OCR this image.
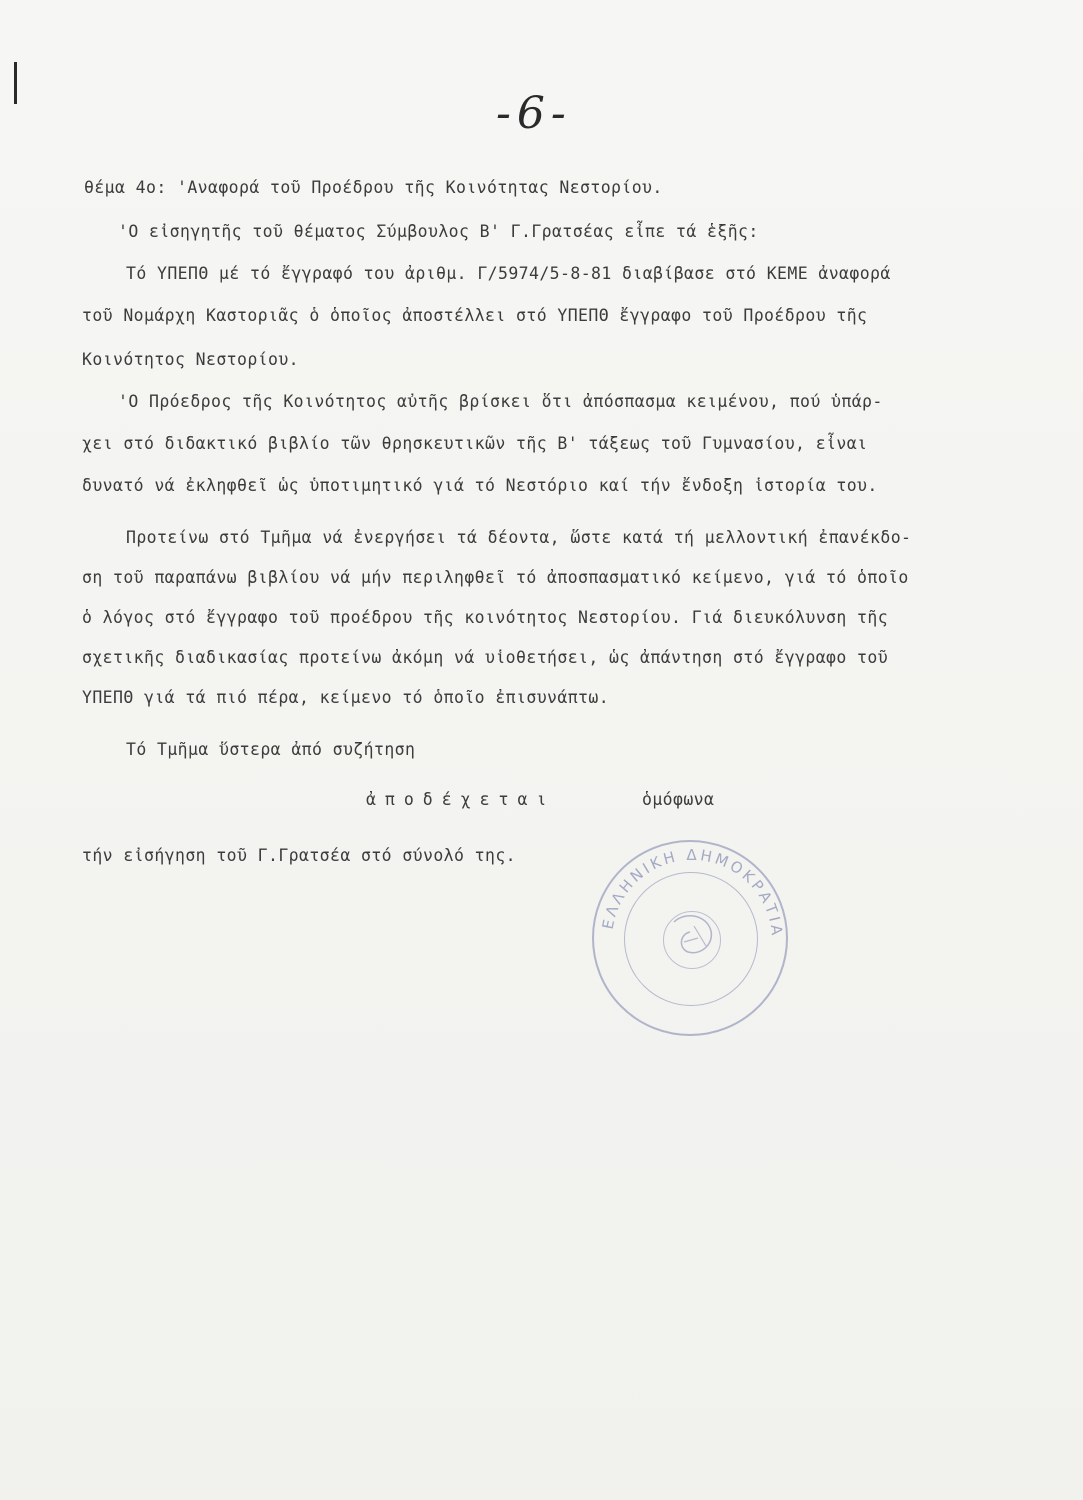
-6-
θέμα 4ο: 'Αναφορά τοῦ Προέδρου τῆς Κοινότητας Νεστορίου.
'Ο εἰσηγητῆς τοῦ θέματος Σύμβουλος Β' Γ.Γρατσέας εἶπε τά ἑξῆς:
Τό ΥΠΕΠΘ μέ τό ἔγγραφό του ἀριθμ. Γ/5974/5-8-81 διαβίβασε στό ΚΕΜΕ ἀναφορά
τοῦ Νομάρχη Καστοριᾶς ὁ ὁποῖος ἀποστέλλει στό ΥΠΕΠΘ ἔγγραφο τοῦ Προέδρου τῆς
Κοινότητος Νεστορίου.
'Ο Πρόεδρος τῆς Κοινότητος αὐτῆς βρίσκει ὅτι ἀπόσπασμα κειμένου, πού ὑπάρ-
χει στό διδακτικό βιβλίο τῶν θρησκευτικῶν τῆς Β' τάξεως τοῦ Γυμνασίου, εἶναι
δυνατό νά ἐκληφθεῖ ὡς ὑποτιμητικό γιά τό Νεστόριο καί τήν ἔνδοξη ἱστορία του.
Προτείνω στό Τμῆμα νά ἐνεργήσει τά δέοντα, ὥστε κατά τή μελλοντική ἐπανέκδο-
ση τοῦ παραπάνω βιβλίου νά μήν περιληφθεῖ τό ἀποσπασματικό κείμενο, γιά τό ὁποῖο
ὁ λόγος στό ἔγγραφο τοῦ προέδρου τῆς κοινότητος Νεστορίου. Γιά διευκόλυνση τῆς
σχετικῆς διαδικασίας προτείνω ἀκόμη νά υἱοθετήσει, ὡς ἀπάντηση στό ἔγγραφο τοῦ
ΥΠΕΠΘ γιά τά πιό πέρα, κείμενο τό ὁποῖο ἐπισυνάπτω.
Τό Τμῆμα ὕστερα ἀπό συζήτηση
ἀποδέχεται	ὁμόφωνα
τήν εἰσήγηση τοῦ Γ.Γρατσέα στό σύνολό της.
ΕΛΛΗΝΙΚΗ ΔΗΜΟΚΡΑΤΙΑ
